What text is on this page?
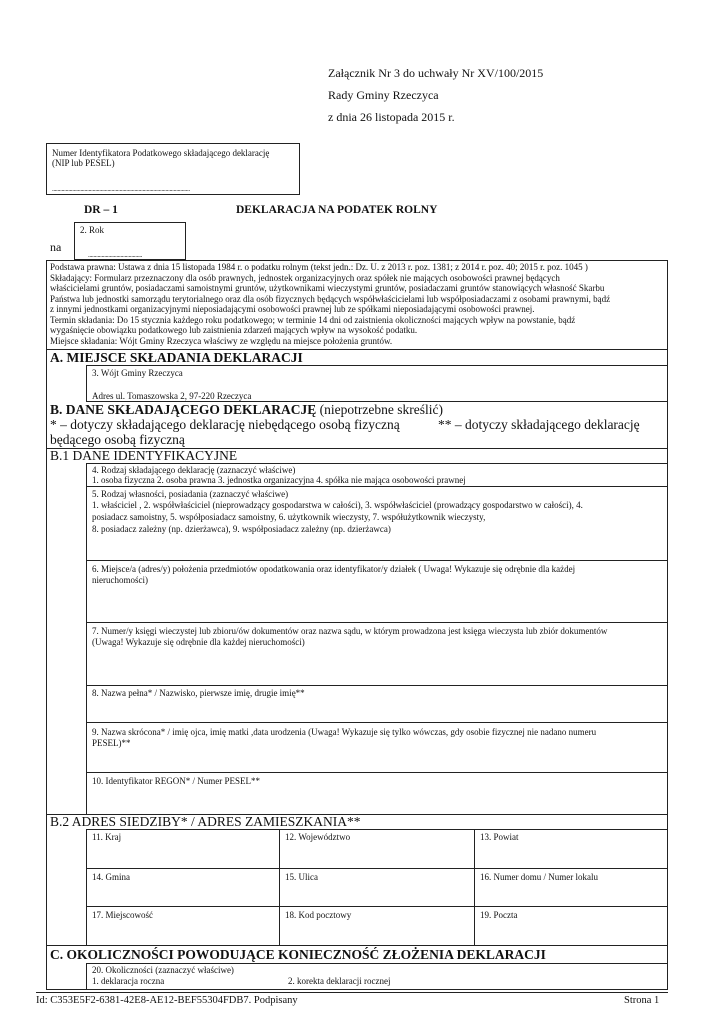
Załącznik Nr 3 do uchwały Nr XV/100/2015
Rady Gminy Rzeczyca
z dnia 26 listopada 2015 r.
Numer Identyfikatora Podatkowego składającego deklarację
(NIP lub PESEL)
......................................................................................................
DR – 1	DEKLARACJA NA PODATEK ROLNY
2. Rok
na
........................................
Podstawa prawna: Ustawa z dnia 15 listopada 1984 r. o podatku rolnym (tekst jedn.: Dz. U. z 2013 r. poz. 1381; z 2014 r. poz. 40; 2015 r. poz. 1045 )
Składający: Formularz przeznaczony dla osób prawnych, jednostek organizacyjnych oraz spółek nie mających osobowości prawnej będących
właścicielami gruntów, posiadaczami samoistnymi gruntów, użytkownikami wieczystymi gruntów, posiadaczami gruntów stanowiących własność Skarbu
Państwa lub jednostki samorządu terytorialnego oraz dla osób fizycznych będących współwłaścicielami lub współposiadaczami z osobami prawnymi, bądź
z innymi jednostkami organizacyjnymi nieposiadającymi osobowości prawnej lub ze spółkami nieposiadającymi osobowości prawnej.
Termin składania: Do 15 stycznia każdego roku podatkowego; w terminie 14 dni od zaistnienia okoliczności mających wpływ na powstanie, bądź
wygaśnięcie obowiązku podatkowego lub zaistnienia zdarzeń mających wpływ na wysokość podatku.
Miejsce składania: Wójt Gminy Rzeczyca właściwy ze względu na miejsce położenia gruntów.
A. MIEJSCE SKŁADANIA DEKLARACJI
3. Wójt Gminy Rzeczyca
Adres ul. Tomaszowska 2, 97-220 Rzeczyca
B. DANE SKŁADAJĄCEGO DEKLARACJĘ (niepotrzebne skreślić)
* – dotyczy składającego deklarację niebędącego osobą fizyczną	** – dotyczy składającego deklarację
będącego osobą fizyczną
B.1 DANE IDENTYFIKACYJNE
4. Rodzaj składającego deklarację (zaznaczyć właściwe)
1. osoba fizyczna 2. osoba prawna 3. jednostka organizacyjna 4. spółka nie mająca osobowości prawnej
5. Rodzaj własności, posiadania (zaznaczyć właściwe)
1. właściciel , 2. współwłaściciel (nieprowadzący gospodarstwa w całości), 3. współwłaściciel (prowadzący gospodarstwo w całości), 4.
posiadacz samoistny, 5. współposiadacz samoistny, 6. użytkownik wieczysty, 7. współużytkownik wieczysty,
8. posiadacz zależny (np. dzierżawca), 9. współposiadacz zależny (np. dzierżawca)
6. Miejsce/a (adres/y) położenia przedmiotów opodatkowania oraz identyfikator/y działek ( Uwaga! Wykazuje się odrębnie dla każdej
nieruchomości)
7. Numer/y księgi wieczystej lub zbioru/ów dokumentów oraz nazwa sądu, w którym prowadzona jest księga wieczysta lub zbiór dokumentów
(Uwaga! Wykazuje się odrębnie dla każdej nieruchomości)
8. Nazwa pełna* / Nazwisko, pierwsze imię, drugie imię**
9. Nazwa skrócona* / imię ojca, imię matki ,data urodzenia (Uwaga! Wykazuje się tylko wówczas, gdy osobie fizycznej nie nadano numeru
PESEL)**
10. Identyfikator REGON* / Numer PESEL**
B.2 ADRES SIEDZIBY* / ADRES ZAMIESZKANIA**
11. Kraj	12. Województwo	13. Powiat
14. Gmina	15. Ulica	16. Numer domu / Numer lokalu
17. Miejscowość	18. Kod pocztowy	19. Poczta
C. OKOLICZNOŚCI POWODUJĄCE KONIECZNOŚĆ ZŁOŻENIA DEKLARACJI
20. Okoliczności (zaznaczyć właściwe)
1. deklaracja roczna	2. korekta deklaracji rocznej
Id: C353E5F2-6381-42E8-AE12-BEF55304FDB7. Podpisany	Strona 1
